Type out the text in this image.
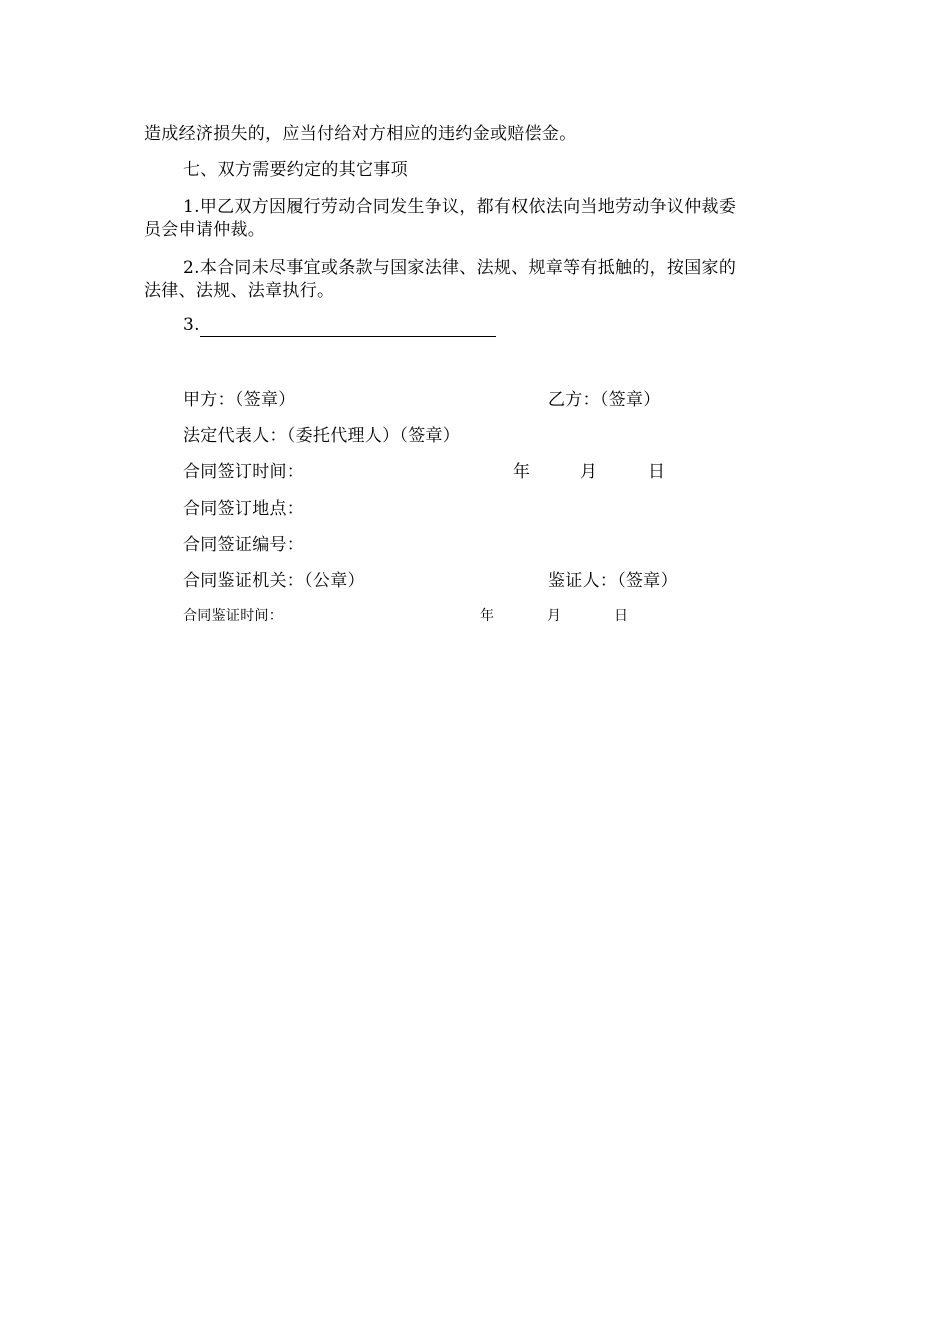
造成经济损失的，应当付给对方相应的违约金或赔偿金。
七、双方需要约定的其它事项
1.甲乙双方因履行劳动合同发生争议，都有权依法向当地劳动争议仲裁委
员会申请仲裁。
2.本合同未尽事宜或条款与国家法律、法规、规章等有抵触的，按国家的
法律、法规、法章执行。
3.
甲方：（签章）	乙方：（签章）
法定代表人：（委托代理人）（签章）
合同签订时间：	年	月	日
合同签订地点：
合同签证编号：
合同鉴证机关：（公章）	鉴证人：（签章）
合同鉴证时间：	年	月	日
